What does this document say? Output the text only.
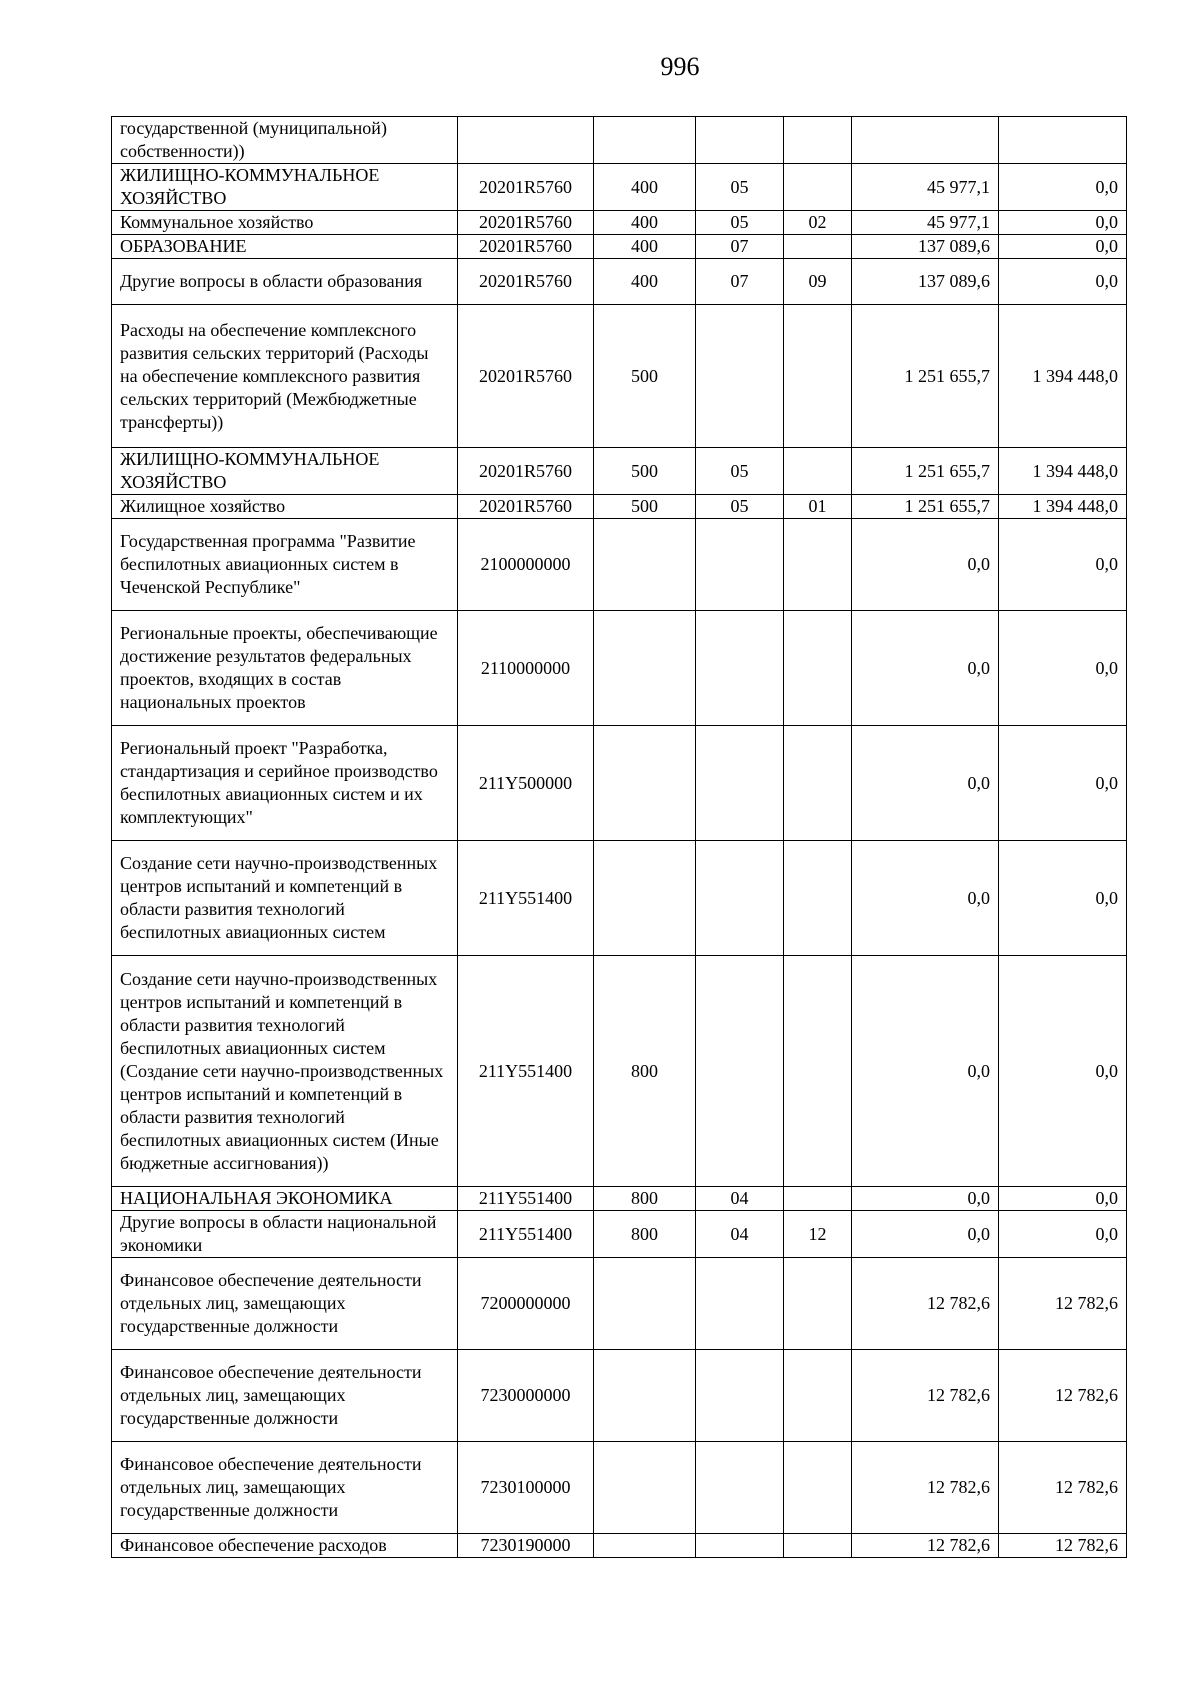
996
государственной (муниципальной) собственности))						
ЖИЛИЩНО-КОММУНАЛЬНОЕ ХОЗЯЙСТВО	20201R5760	400	05		45 977,1	0,0
Коммунальное хозяйство	20201R5760	400	05	02	45 977,1	0,0
ОБРАЗОВАНИЕ	20201R5760	400	07		137 089,6	0,0
Другие вопросы в области образования	20201R5760	400	07	09	137 089,6	0,0
Расходы на обеспечение комплексного развития сельских территорий (Расходы на обеспечение комплексного развития сельских территорий (Межбюджетные трансферты))	20201R5760	500			1 251 655,7	1 394 448,0
ЖИЛИЩНО-КОММУНАЛЬНОЕ ХОЗЯЙСТВО	20201R5760	500	05		1 251 655,7	1 394 448,0
Жилищное хозяйство	20201R5760	500	05	01	1 251 655,7	1 394 448,0
Государственная программа "Развитие беспилотных авиационных систем в Чеченской Республике"	2100000000				0,0	0,0
Региональные проекты, обеспечивающие достижение результатов федеральных проектов, входящих в состав национальных проектов	2110000000				0,0	0,0
Региональный проект "Разработка, стандартизация и серийное производство беспилотных авиационных систем и их комплектующих"	211Y500000				0,0	0,0
Создание сети научно-производственных центров испытаний и компетенций в области развития технологий беспилотных авиационных систем	211Y551400				0,0	0,0
Создание сети научно-производственных центров испытаний и компетенций в области развития технологий беспилотных авиационных систем (Создание сети научно-производственных центров испытаний и компетенций в области развития технологий беспилотных авиационных систем (Иные бюджетные ассигнования))	211Y551400	800			0,0	0,0
НАЦИОНАЛЬНАЯ ЭКОНОМИКА	211Y551400	800	04		0,0	0,0
Другие вопросы в области национальной экономики	211Y551400	800	04	12	0,0	0,0
Финансовое обеспечение деятельности отдельных лиц, замещающих государственные должности	7200000000				12 782,6	12 782,6
Финансовое обеспечение деятельности отдельных лиц, замещающих государственные должности	7230000000				12 782,6	12 782,6
Финансовое обеспечение деятельности отдельных лиц, замещающих государственные должности	7230100000				12 782,6	12 782,6
Финансовое обеспечение расходов	7230190000				12 782,6	12 782,6
